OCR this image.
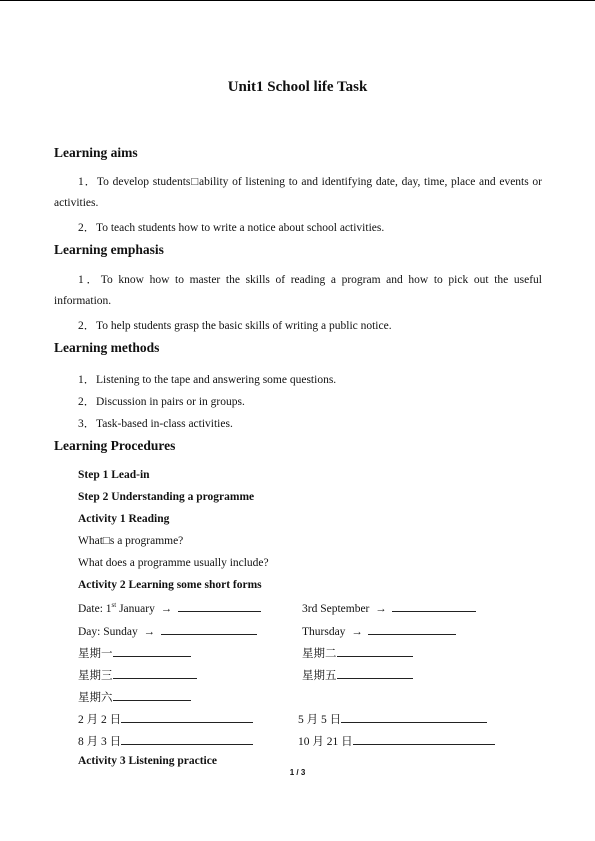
Unit1 School life Task
Learning aims
1．To develop students□ability of listening to and identifying date, day, time, place and events or activities.
2．To teach students how to write a notice about school activities.
Learning emphasis
1．To know how to master the skills of reading a program and how to pick out the useful information.
2．To help students grasp the basic skills of writing a public notice.
Learning methods
1．Listening to the tape and answering some questions.
2．Discussion in pairs or in groups.
3．Task-based in-class activities.
Learning Procedures
Step 1 Lead-in
Step 2 Understanding a programme
Activity 1 Reading
What□s a programme?
What does a programme usually include?
Activity 2 Learning some short forms
Date: 1st January →	3rd September →
Day: Sunday →	Thursday →
星期一	星期二
星期三	星期五
星期六
2 月 2 日	5 月 5 日
8 月 3 日	10 月 21 日
Activity 3 Listening practice
1 / 3
